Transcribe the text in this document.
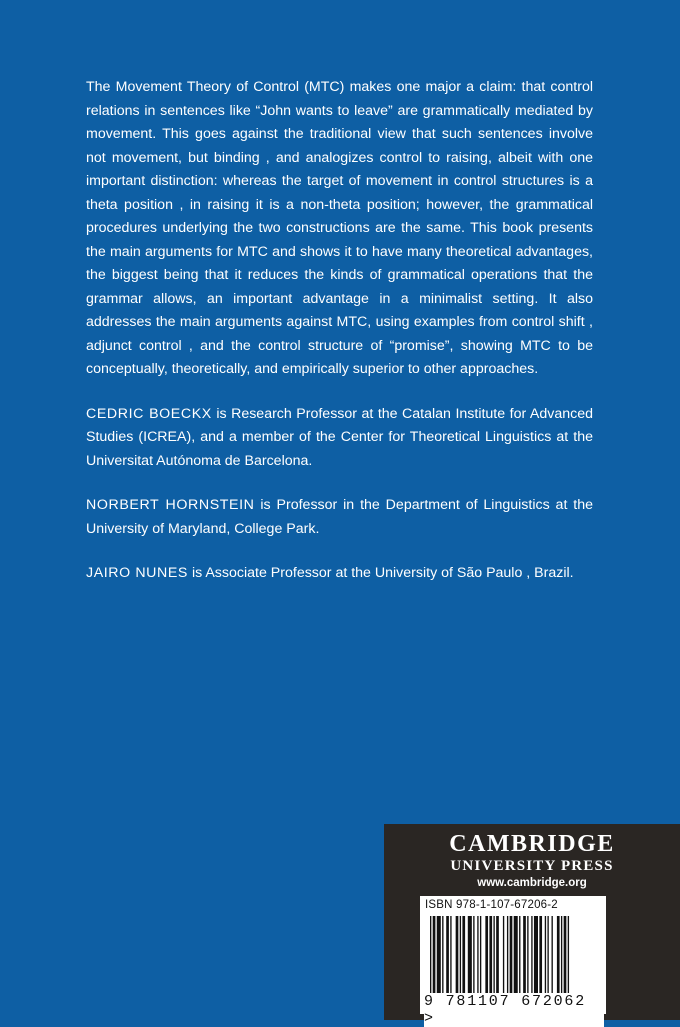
The Movement Theory of Control (MTC) makes one major a claim: that control relations in sentences like “John wants to leave” are grammatically mediated by movement. This goes against the traditional view that such sentences involve not movement, but binding , and analogizes control to raising, albeit with one important distinction: whereas the target of movement in control structures is a theta position , in raising it is a non-theta position; however, the grammatical procedures underlying the two constructions are the same. This book presents the main arguments for MTC and shows it to have many theoretical advantages, the biggest being that it reduces the kinds of grammatical operations that the grammar allows, an important advantage in a minimalist setting. It also addresses the main arguments against MTC, using examples from control shift , adjunct control , and the control structure of “promise”, showing MTC to be conceptually, theoretically, and empirically superior to other approaches.

CEDRIC BOECKX is Research Professor at the Catalan Institute for Advanced Studies (ICREA), and a member of the Center for Theoretical Linguistics at the Universitat Autónoma de Barcelona.

NORBERT HORNSTEIN is Professor in the Department of Linguistics at the University of Maryland, College Park.

JAIRO NUNES is Associate Professor at the University of São Paulo , Brazil.

CAMBRIDGE
UNIVERSITY PRESS
www.cambridge.org
ISBN 978-1-107-67206-2
9 781107 672062 >
